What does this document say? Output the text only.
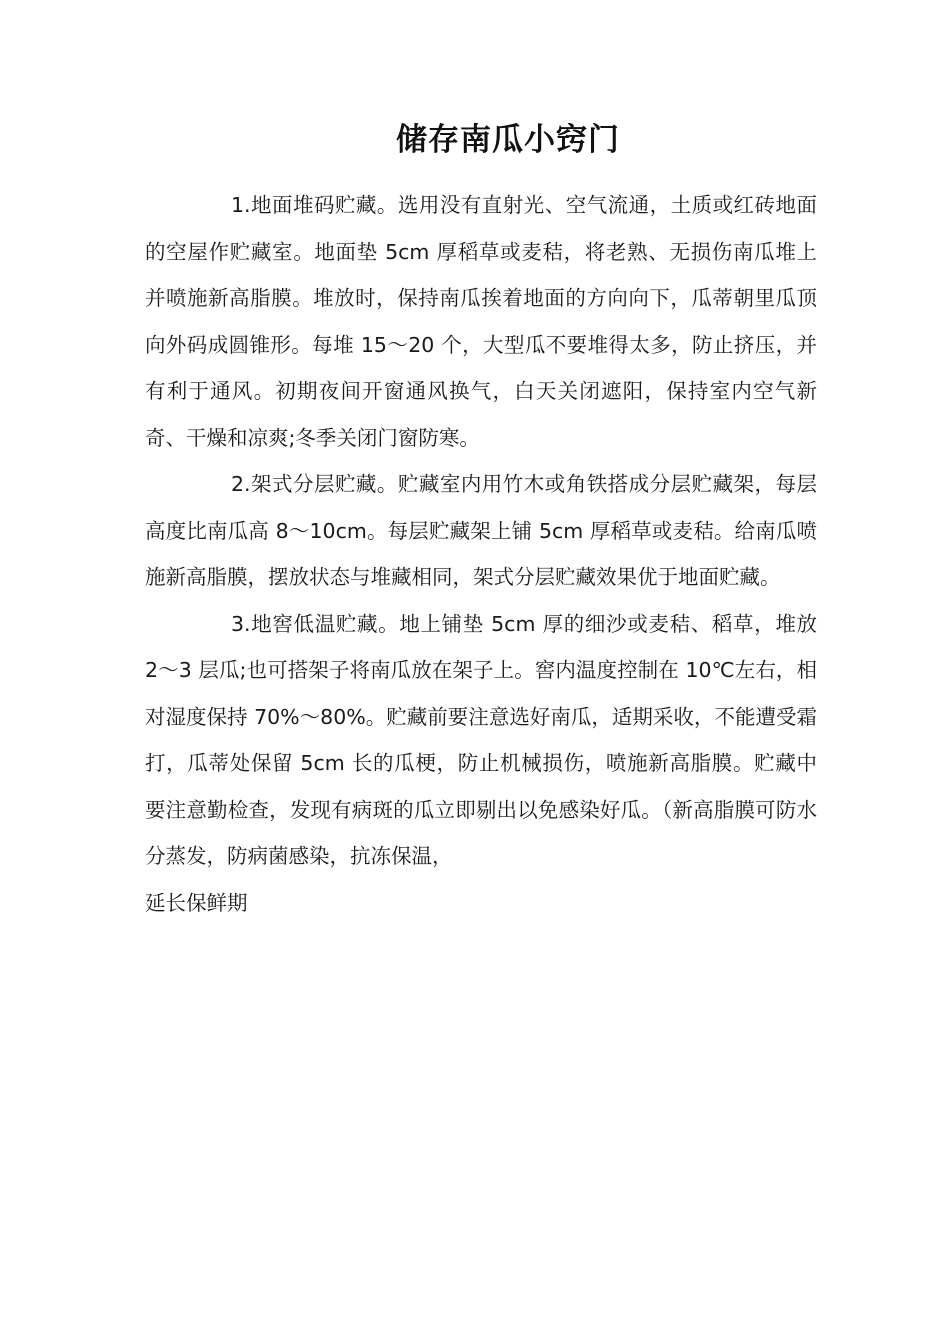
储存南瓜小窍门

1.地面堆码贮藏。选用没有直射光、空气流通，土质或红砖地面的空屋作贮藏室。地面垫 5cm 厚稻草或麦秸，将老熟、无损伤南瓜堆上并喷施新高脂膜。堆放时，保持南瓜挨着地面的方向向下，瓜蒂朝里瓜顶向外码成圆锥形。每堆 15～20 个，大型瓜不要堆得太多，防止挤压，并有利于通风。初期夜间开窗通风换气，白天关闭遮阳，保持室内空气新奇、干燥和凉爽;冬季关闭门窗防寒。

2.架式分层贮藏。贮藏室内用竹木或角铁搭成分层贮藏架，每层高度比南瓜高 8～10cm。每层贮藏架上铺 5cm 厚稻草或麦秸。给南瓜喷施新高脂膜，摆放状态与堆藏相同，架式分层贮藏效果优于地面贮藏。

3.地窖低温贮藏。地上铺垫 5cm 厚的细沙或麦秸、稻草，堆放 2～3 层瓜;也可搭架子将南瓜放在架子上。窖内温度控制在 10℃左右，相对湿度保持 70%～80%。贮藏前要注意选好南瓜，适期采收，不能遭受霜打，瓜蒂处保留 5cm 长的瓜梗，防止机械损伤，喷施新高脂膜。贮藏中要注意勤检查，发现有病斑的瓜立即剔出以免感染好瓜。（新高脂膜可防水分蒸发，防病菌感染，抗冻保温，

延长保鲜期
